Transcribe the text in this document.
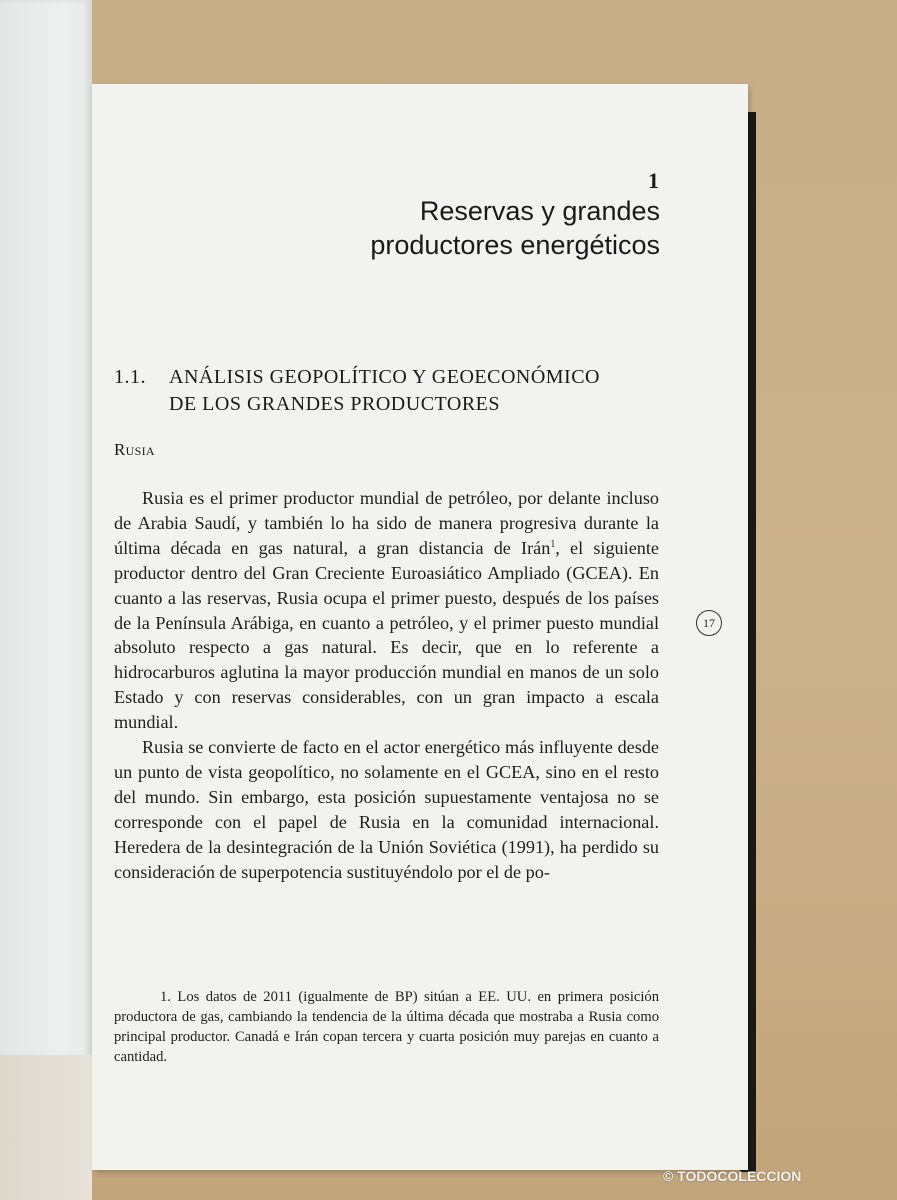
1
Reservas y grandes
productores energéticos
1.1. ANÁLISIS GEOPOLÍTICO Y GEOECONÓMICO
DE LOS GRANDES PRODUCTORES
Rusia

Rusia es el primer productor mundial de petróleo, por delante incluso de Arabia Saudí, y también lo ha sido de manera progresiva durante la última década en gas natural, a gran distancia de Irán$^1$, el siguiente productor dentro del Gran Creciente Euroasiático Ampliado (GCEA). En cuanto a las reservas, Rusia ocupa el primer puesto, después de los países de la Península Arábiga, en cuanto a petróleo, y el primer puesto mundial absoluto respecto a gas natural. Es decir, que en lo referente a hidrocarburos aglutina la mayor producción mundial en manos de un solo Estado y con reservas considerables, con un gran impacto a escala mundial.

Rusia se convierte de facto en el actor energético más influyente desde un punto de vista geopolítico, no solamente en el GCEA, sino en el resto del mundo. Sin embargo, esta posición supuestamente ventajosa no se corresponde con el papel de Rusia en la comunidad internacional. Heredera de la desintegración de la Unión Soviética (1991), ha perdido su consideración de superpotencia sustituyéndolo por el de po-

17

1. Los datos de 2011 (igualmente de BP) sitúan a EE. UU. en primera posición productora de gas, cambiando la tendencia de la última década que mostraba a Rusia como principal productor. Canadá e Irán copan tercera y cuarta posición muy parejas en cuanto a cantidad.

© TODOCOLECCION
